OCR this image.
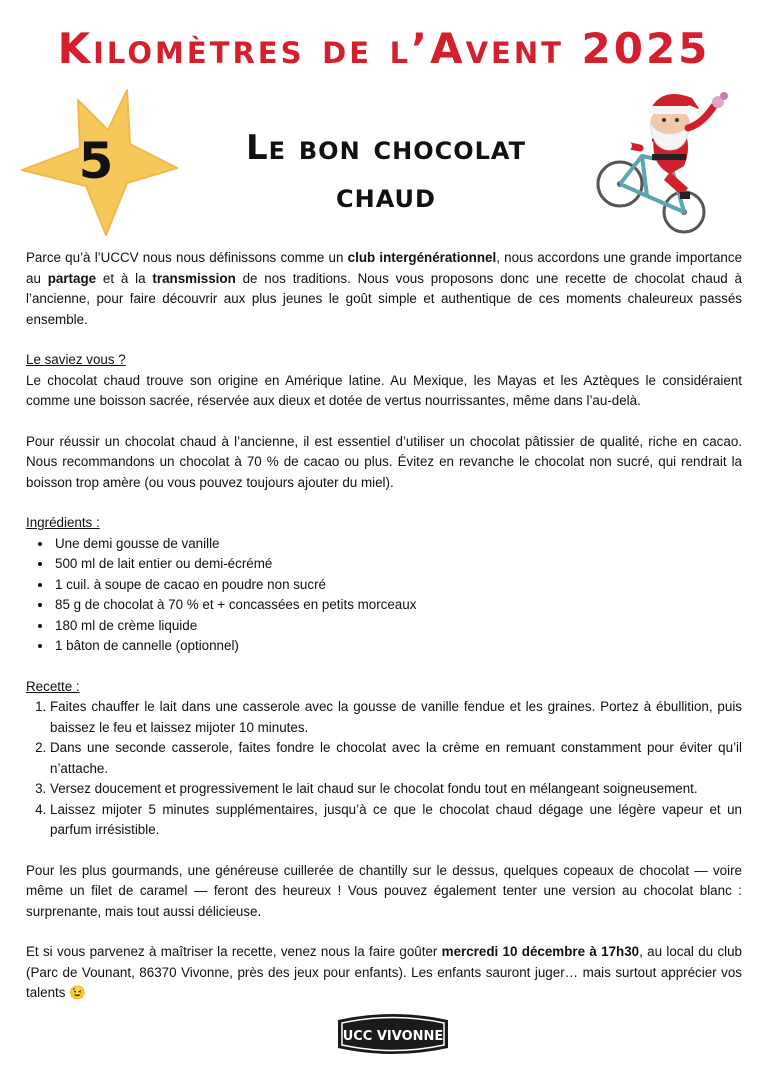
Kilomètres de l’Avent 2025
5	Le bon chocolat
chaud

Parce qu’à l’UCCV nous nous définissons comme un club intergénérationnel, nous accordons une grande importance au partage et à la transmission de nos traditions. Nous vous proposons donc une recette de chocolat chaud à l’ancienne, pour faire découvrir aux plus jeunes le goût simple et authentique de ces moments chaleureux passés ensemble.

Le saviez vous ?

Le chocolat chaud trouve son origine en Amérique latine. Au Mexique, les Mayas et les Aztèques le considéraient comme une boisson sacrée, réservée aux dieux et dotée de vertus nourrissantes, même dans l’au-delà.

Pour réussir un chocolat chaud à l’ancienne, il est essentiel d’utiliser un chocolat pâtissier de qualité, riche en cacao. Nous recommandons un chocolat à 70 % de cacao ou plus. Évitez en revanche le chocolat non sucré, qui rendrait la boisson trop amère (ou vous pouvez toujours ajouter du miel).

Ingrédients :

• Une demi gousse de vanille
• 500 ml de lait entier ou demi-écrémé
• 1 cuil. à soupe de cacao en poudre non sucré
• 85 g de chocolat à 70 % et + concassées en petits morceaux
• 180 ml de crème liquide
• 1 bâton de cannelle (optionnel)

Recette :

1. Faites chauffer le lait dans une casserole avec la gousse de vanille fendue et les graines. Portez à ébullition, puis baissez le feu et laissez mijoter 10 minutes.
2. Dans une seconde casserole, faites fondre le chocolat avec la crème en remuant constamment pour éviter qu’il n’attache.
3. Versez doucement et progressivement le lait chaud sur le chocolat fondu tout en mélangeant soigneusement.
4. Laissez mijoter 5 minutes supplémentaires, jusqu’à ce que le chocolat chaud dégage une légère vapeur et un parfum irrésistible.

Pour les plus gourmands, une généreuse cuillerée de chantilly sur le dessus, quelques copeaux de chocolat — voire même un filet de caramel — feront des heureux ! Vous pouvez également tenter une version au chocolat blanc : surprenante, mais tout aussi délicieuse.

Et si vous parvenez à maîtriser la recette, venez nous la faire goûter mercredi 10 décembre à 17h30, au local du club (Parc de Vounant, 86370 Vivonne, près des jeux pour enfants). Les enfants sauront juger… mais surtout apprécier vos talents 😉

UCC VIVONNE
